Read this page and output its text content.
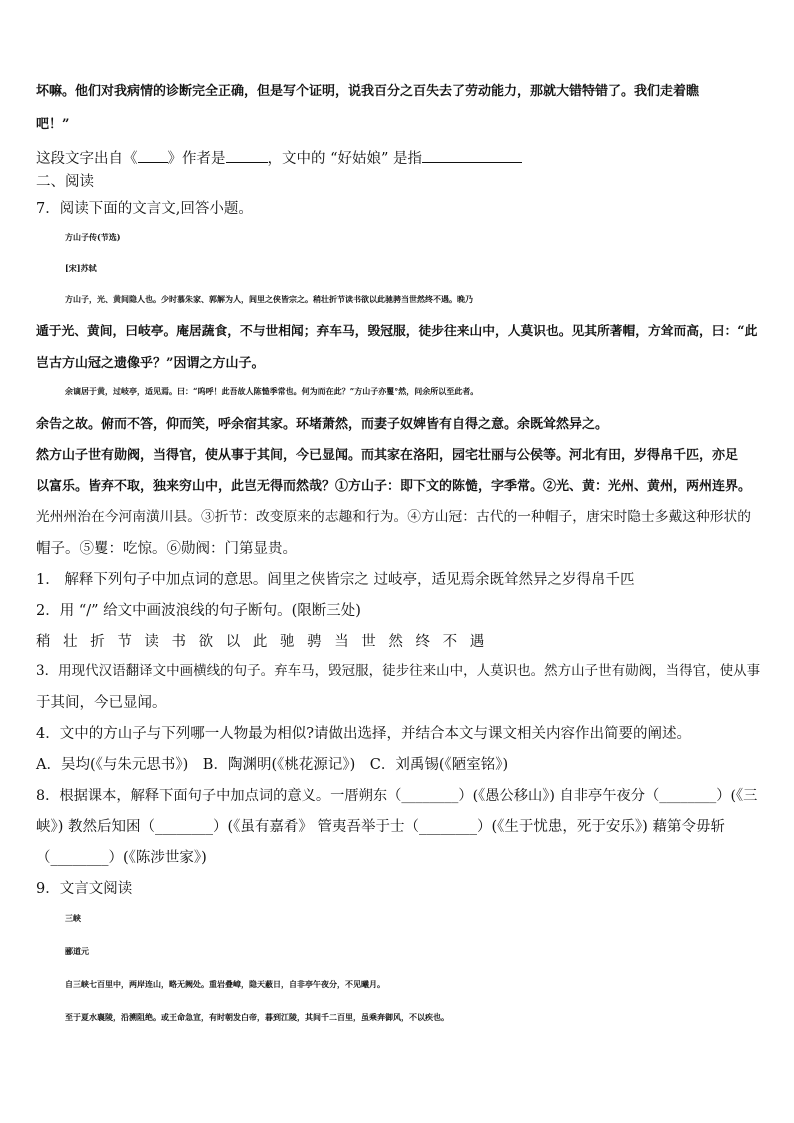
坏嘛。他们对我病情的诊断完全正确，但是写个证明，说我百分之百失去了劳动能力，那就大错特错了。我们走着瞧
吧！”
这段文字出自《 》作者是	，文中的 “好姑娘” 是指
二、阅读
7．阅读下面的文言文,回答小题。
方山子传(节选)
[宋]苏轼
方山子，光、黄间隐人也。少时慕朱家、郭解为人，闾里之侠皆宗之。稍壮折节读书欲以此驰骋当世然终不遇。晚乃
遁于光、黄间，曰岐亭。庵居蔬食，不与世相闻；弃车马，毁冠服，徒步往来山中，人莫识也。见其所著帽，方耸而高，曰：“此
岂古方山冠之遗像乎？”因谓之方山子。
余谪居于黄，过岐亭，适见焉。曰：“呜呼！此吾故人陈慥季常也。何为而在此？”方山子亦矍°然，问余所以至此者。
余告之故。俯而不答，仰而笑，呼余宿其家。环堵萧然，而妻子奴婢皆有自得之意。余既耸然异之。
然方山子世有勋阀，当得官，使从事于其间，今已显闻。而其家在洛阳，园宅壮丽与公侯等。河北有田，岁得帛千匹，亦足
以富乐。皆弃不取，独来穷山中，此岂无得而然哉？①方山子：即下文的陈慥，字季常。②光、黄：光州、黄州，两州连界。
光州州治在今河南潢川县。③折节：改变原来的志趣和行为。④方山冠：古代的一种帽子，唐宋时隐士多戴这种形状的
帽子。⑤矍：吃惊。⑥勋阀：门第显贵。
1． 解释下列句子中加点词的意思。闾里之侠皆宗之 过岐亭，适见焉余既耸然异之岁得帛千匹
2．用 “/” 给文中画波浪线的句子断句。(限断三处)
稍 壮 折 节 读 书 欲 以 此 驰 骋 当 世 然 终 不 遇
3．用现代汉语翻译文中画横线的句子。弃车马，毁冠服，徒步往来山中，人莫识也。然方山子世有勋阀，当得官，使从事
于其间，今已显闻。
4．文中的方山子与下列哪一人物最为相似?请做出选择，并结合本文与课文相关内容作出简要的阐述。
A．吴均(《与朱元思书》)　B．陶渊明(《桃花源记》)　C．刘禹锡(《陋室铭》)
8．根据课本，解释下面句子中加点词的意义。一厝朔东（________）(《愚公移山》) 自非亭午夜分（________）(《三
峡》) 教然后知困（________）(《虽有嘉肴》 管夷吾举于士（________）(《生于忧患，死于安乐》) 藉第令毋斩
（________）(《陈涉世家》)
9．文言文阅读
三峡
郦道元
自三峡七百里中，两岸连山，略无阙处。重岩叠嶂，隐天蔽日，自非亭午夜分，不见曦月。
至于夏水襄陵，沿溯阻绝。或王命急宣，有时朝发白帝，暮到江陵，其间千二百里，虽乘奔御风，不以疾也。
